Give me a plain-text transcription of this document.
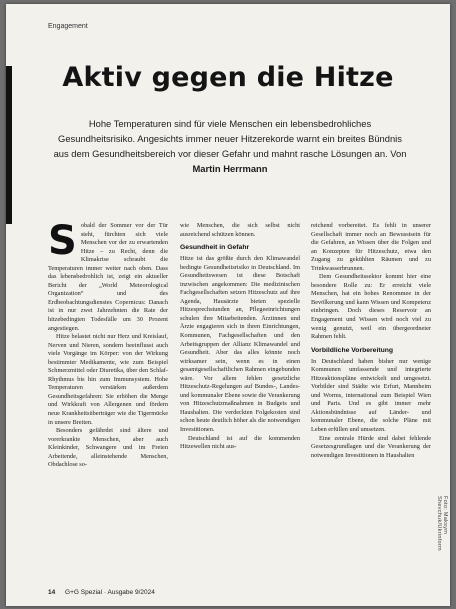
Engagement
Foto: Maksym Shevchuk/Ukrinform
Aktiv gegen die Hitze
Hohe Temperaturen sind für viele Menschen ein lebensbedrohliches Gesundheitsrisiko. Angesichts immer neuer Hitzerekorde warnt ein breites Bündnis aus dem Gesundheitsbereich vor dieser Gefahr und mahnt rasche Lösungen an. Von Martin Herrmann
S obald der Sommer vor der Tür steht, fürchten sich viele Menschen vor der zu erwartenden Hitze – zu Recht, denn die Klimakrise schraubt die Temperaturen immer weiter nach oben. Dass das lebensbedrohlich ist, zeigt ein aktueller Bericht der „World Meteorological Organization“ und des Erdbeobachtungsdienstes Copernicus: Danach ist in nur zwei Jahrzehnten die Rate der hitzebedingten Todesfälle um 30 Prozent angestiegen.

Hitze belastet nicht nur Herz und Kreislauf, Nerven und Nieren, sondern beeinflusst auch viele Vorgänge im Körper: von der Wirkung bestimmter Medikamente, wie zum Beispiel Schmerzmittel oder Diuretika, über den Schlaf-Rhythmus bis hin zum Immunsystem. Hohe Temperaturen verstärken außerdem Gesundheitsgefahren: Sie erhöhen die Menge und Wirkkraft von Allergenen und fördern neue Krankheitsüberträger wie die Tigermücke in unsere Breiten.

Besonders gefährdet sind ältere und vorerkrankte Menschen, aber auch Kleinkinder, Schwangere und im Freien Arbeitende, alleinstehende Menschen, Obdachlose so-

wie Menschen, die sich selbst nicht ausreichend schützen können.

Gesundheit in Gefahr

Hitze ist das größte durch den Klimawandel bedingte Gesundheitsrisiko in Deutschland. Im Gesundheitswesen ist diese Botschaft inzwischen angekommen: Die medizinischen Fachgesellschaften setzen Hitzeschutz auf ihre Agenda, Hausärzte bieten spezielle Hitzesprechstunden an, Pflegeeinrichtungen schulen ihre Mitarbeitenden. Ärztinnen und Ärzte engagieren sich in ihren Einrichtungen, Kommunen, Fachgesellschaften und den Arbeitsgruppen der Allianz Klimawandel und Gesundheit. Aber das alles könnte noch wirksamer sein, wenn es in einen gesamtgesellschaftlichen Rahmen eingebunden wäre. Vor allem fehlen gesetzliche Hitzeschutz-Regelungen auf Bundes-, Landes- und kommunaler Ebene sowie die Verankerung von Hitzeschutzmaßnahmen in Budgets und Haushalten. Die verdeckten Folgekosten sind schon heute deutlich höher als die notwendigen Investitionen.

Deutschland ist auf die kommenden Hitzewellen nicht aus-

reichend vorbereitet. Es fehlt in unserer Gesellschaft immer noch an Bewusstsein für die Gefahren, an Wissen über die Folgen und an Konzepten für Hitzeschutz, etwa den Zugang zu gekühlten Räumen und zu Trinkwasserbrunnen.

Dem Gesundheitssektor kommt hier eine besondere Rolle zu: Er erreicht viele Menschen, hat ein hohes Renommee in der Bevölkerung und kann Wissen und Kompetenz einbringen. Doch dieses Reservoir an Engagement und Wissen wird noch viel zu wenig genutzt, weil ein übergeordneter Rahmen fehlt.

Vorbildliche Vorbereitung

In Deutschland haben bisher nur wenige Kommunen umfassende und integrierte Hitzeaktionspläne entwickelt und umgesetzt. Vorbilder sind Städte wie Erfurt, Mannheim und Worms, international zum Beispiel Wien und Paris. Und es gibt immer mehr Aktionsbündnisse auf Länder- und kommunaler Ebene, die solche Pläne mit Leben erfüllen und umsetzen.

Eine zentrale Hürde sind dabei fehlende Gesetzesgrundlagen und die Verankerung der notwendigen Investitionen in Haushalten

14 G+G Spezial · Ausgabe 9/2024
